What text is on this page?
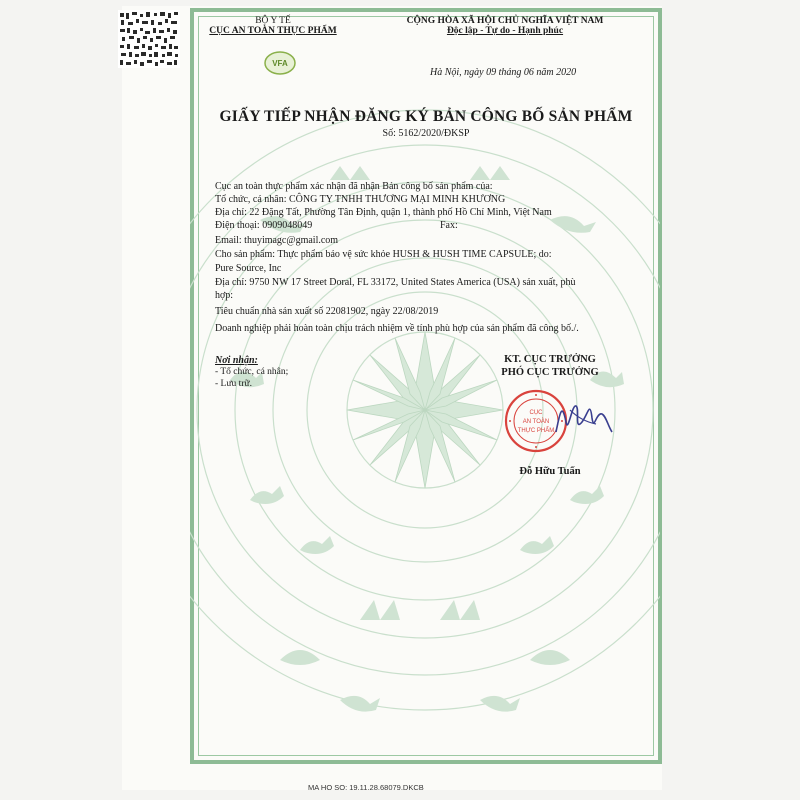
BỘ Y TẾ
CỤC AN TOÀN THỰC PHẨM
VFA
CỘNG HÒA XÃ HỘI CHỦ NGHĨA VIỆT NAM
Độc lập - Tự do - Hạnh phúc
Hà Nội, ngày 09 tháng 06 năm 2020
GIẤY TIẾP NHẬN ĐĂNG KÝ BẢN CÔNG BỐ SẢN PHẨM
Số: 5162/2020/ĐKSP
Cục an toàn thực phẩm xác nhận đã nhận Bản công bố sản phẩm của:
Tổ chức, cá nhân: CÔNG TY TNHH THƯƠNG MẠI MINH KHƯƠNG
Địa chỉ: 22 Đặng Tất, Phường Tân Định, quận 1, thành phố Hồ Chí Minh, Việt Nam
Điện thoại: 0909048049	Fax:
Email: thuyimagc@gmail.com
Cho sản phẩm: Thực phẩm bảo vệ sức khỏe HUSH & HUSH TIME CAPSULE; do:
Pure Source, Inc
Địa chỉ: 9750 NW 17 Street Doral, FL 33172, United States America (USA) sản xuất, phù
hợp:
Tiêu chuẩn nhà sản xuất số 22081902, ngày 22/08/2019
Doanh nghiệp phải hoàn toàn chịu trách nhiệm về tính phù hợp của sản phẩm đã công bố./.
Nơi nhận:
- Tổ chức, cá nhân;
- Lưu trữ.
KT. CỤC TRƯỞNG
PHÓ CỤC TRƯỞNG
CỤC
AN TOÀN
THỰC PHẨM
Đỗ Hữu Tuấn
MA HO SO: 19.11.28.68079.DKCB
